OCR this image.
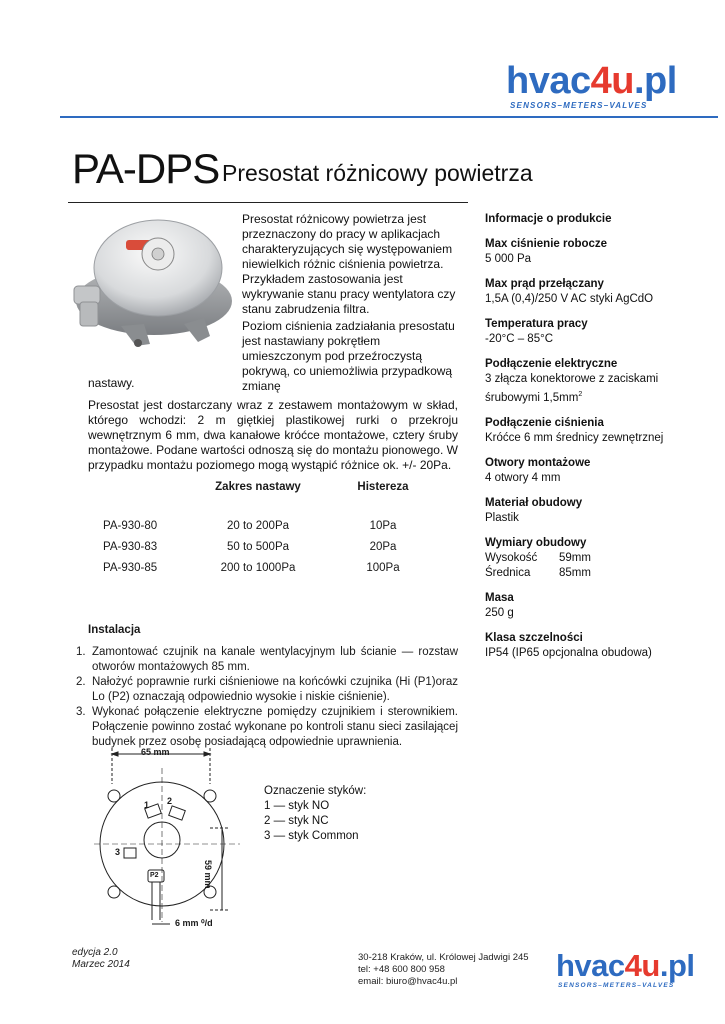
hvac4u.pl
SENSORS–METERS–VALVES
PA-DPS Presostat różnicowy powietrza
Presostat różnicowy powietrza jest przeznaczony do pracy w aplikacjach charakteryzujących się występowaniem niewielkich różnic ciśnienia powietrza. Przykładem zastosowania jest wykrywanie stanu pracy wentylatora czy stanu zabrudzenia filtra.
Poziom ciśnienia zadziałania presostatu jest nastawiany pokrętłem umieszczonym pod przeźroczystą pokrywą, co uniemożliwia przypadkową zmianę
nastawy.
Presostat jest dostarczany wraz z zestawem montażowym w skład, którego wchodzi: 2 m giętkiej plastikowej rurki o przekroju wewnętrznym 6 mm, dwa kanałowe króćce montażowe, cztery śruby montażowe. Podane wartości odnoszą się do montażu pionowego. W przypadku montażu poziomego mogą wystąpić różnice ok. +/- 20Pa.
	Zakres nastawy	Histereza
PA-930-80	20 to 200Pa	10Pa
PA-930-83	50 to 500Pa	20Pa
PA-930-85	200 to 1000Pa	100Pa
Instalacja
1. Zamontować czujnik na kanale wentylacyjnym lub ścianie — rozstaw otworów montażowych 85 mm.
2. Nałożyć poprawnie rurki ciśnieniowe na końcówki czujnika (Hi (P1)oraz Lo (P2) oznaczają odpowiednio wysokie i niskie ciśnienie).
3. Wykonać połączenie elektryczne pomiędzy czujnikiem i sterownikiem. Połączenie powinno zostać wykonane po kontroli stanu sieci zasilającej budynek przez osobę posiadającą odpowiednie uprawnienia.
65 mm
59 mm
6 mm ⁰/d
1 2
3
P2
Oznaczenie styków:
1 — styk NO
2 — styk NC
3 — styk Common
Informacje o produkcie
Max ciśnienie robocze
5 000 Pa
Max prąd przełączany
1,5A (0,4)/250 V AC styki AgCdO
Temperatura pracy
-20°C – 85°C
Podłączenie elektryczne
3 złącza konektorowe z zaciskami śrubowymi $1,5mm^2$
Podłączenie ciśnienia
Króćce 6 mm średnicy zewnętrznej
Otwory montażowe
4 otwory 4 mm
Materiał obudowy
Plastik
Wymiary obudowy
Wysokość 59mm
Średnica 85mm
Masa
250 g
Klasa szczelności
IP54 (IP65 opcjonalna obudowa)
edycja 2.0
Marzec 2014
30-218 Kraków, ul. Królowej Jadwigi 245
tel: +48 600 800 958
email: biuro@hvac4u.pl	hvac4u.pl
SENSORS–METERS–VALVES
